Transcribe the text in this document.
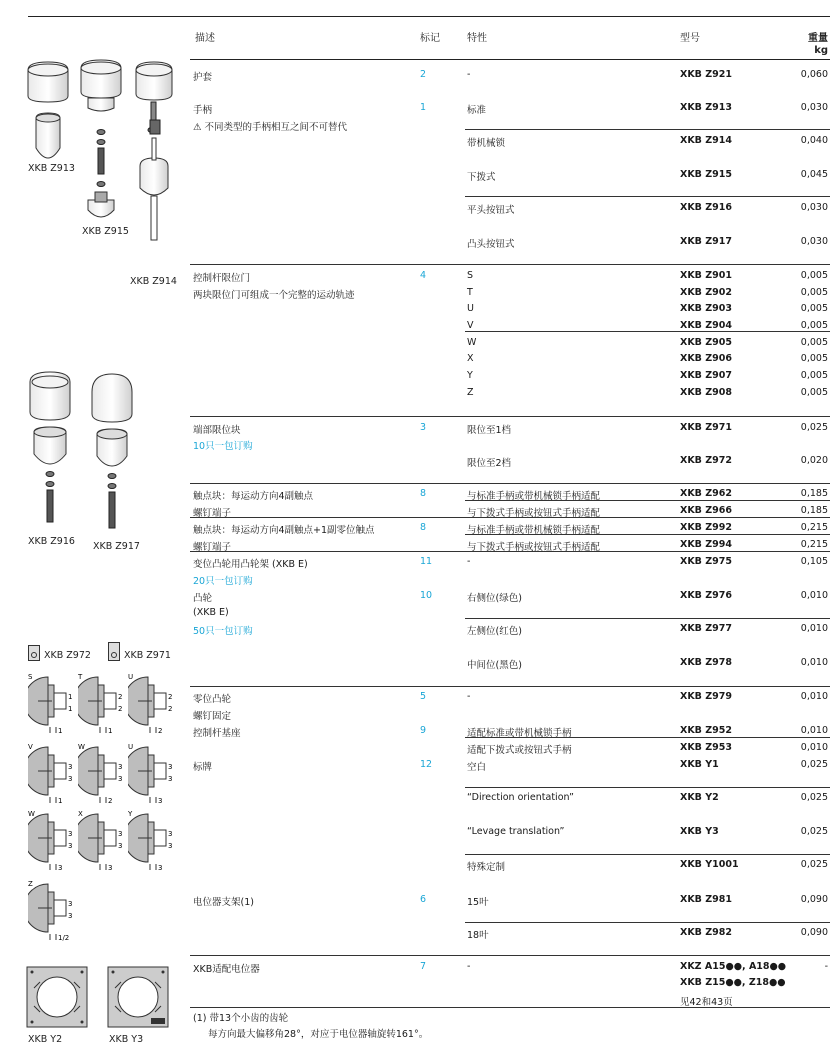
描述	标记	特性	型号	重量
kg
护套	2	-	XKB Z921	0,060
手柄	1	标准	XKB Z913	0,030
⚠ 不同类型的手柄相互之间不可替代
带机械锁	XKB Z914	0,040
下拨式	XKB Z915	0,045
平头按钮式	XKB Z916	0,030
凸头按钮式	XKB Z917	0,030
控制杆限位门	4	S	XKB Z901	0,005
两块限位门可组成一个完整的运动轨迹	T	XKB Z902	0,005
U	XKB Z903	0,005
V	XKB Z904	0,005
W	XKB Z905	0,005
X	XKB Z906	0,005
Y	XKB Z907	0,005
Z	XKB Z908	0,005
端部限位块	3	限位至1档	XKB Z971	0,025
10只一包订购
限位至2档	XKB Z972	0,020
触点块：每运动方向4副触点	8	与标准手柄或带机械锁手柄适配	XKB Z962	0,185
螺钉端子	与下拨式手柄或按钮式手柄适配	XKB Z966	0,185
触点块：每运动方向4副触点+1副零位触点	8	与标准手柄或带机械锁手柄适配	XKB Z992	0,215
螺钉端子	与下拨式手柄或按钮式手柄适配	XKB Z994	0,215
变位凸轮用凸轮架 (XKB E)	11	-	XKB Z975	0,105
20只一包订购
凸轮	10	右侧位(绿色)	XKB Z976	0,010
(XKB E)
50只一包订购	左侧位(红色)	XKB Z977	0,010
中间位(黑色)	XKB Z978	0,010
零位凸轮	5	-	XKB Z979	0,010
螺钉固定
控制杆基座	9	适配标准或带机械锁手柄	XKB Z952	0,010
适配下拨式或按钮式手柄	XKB Z953	0,010
标牌	12	空白	XKB Y1	0,025
“Direction orientation”	XKB Y2	0,025
“Levage translation”	XKB Y3	0,025
特殊定制	XKB Y1001	0,025
电位器支架(1)	6	15叶	XKB Z981	0,090
18叶	XKB Z982	0,090
XKB适配电位器	7	-	XKZ A15●●, A18●●	-
XKB Z15●●, Z18●●
见42和43页
(1) 带13个小齿的齿轮
每方向最大偏移角28°，对应于电位器轴旋转161°。
XKB Z913
XKB Z915
XKB Z914
XKB Z916 XKB Z917
XKB Z972	XKB Z971
S
1
1
1
T
2
2
1
U
2
2
2
V
3
3
1
W
3
3
2
U
3
3
3
W
3
3
3
X
3
3
3
Y
3
3
3
Z
3
3
1/2
XKB Y2	XKB Y3
